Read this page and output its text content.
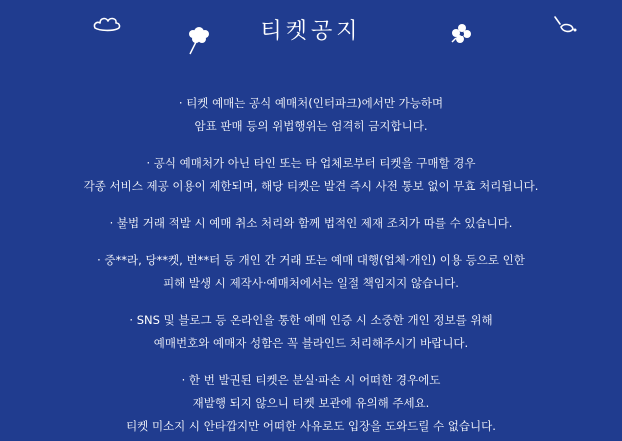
티켓공지
· 티켓 예매는 공식 예매처(인터파크)에서만 가능하며
암표 판매 등의 위법행위는 엄격히 금지합니다.
· 공식 예매처가 아닌 타인 또는 타 업체로부터 티켓을 구매할 경우
각종 서비스 제공 이용이 제한되며, 해당 티켓은 발견 즉시 사전 통보 없이 무효 처리됩니다.
· 불법 거래 적발 시 예매 취소 처리와 함께 법적인 제재 조치가 따를 수 있습니다.
· 중**라, 당**켓, 번**터 등 개인 간 거래 또는 예매 대행(업체·개인) 이용 등으로 인한
피해 발생 시 제작사·예매처에서는 일절 책임지지 않습니다.
· SNS 및 블로그 등 온라인을 통한 예매 인증 시 소중한 개인 정보를 위해
예매번호와 예매자 성함은 꼭 블라인드 처리해주시기 바랍니다.
· 한 번 발권된 티켓은 분실·파손 시 어떠한 경우에도
재발행 되지 않으니 티켓 보관에 유의해 주세요.
티켓 미소지 시 안타깝지만 어떠한 사유로도 입장을 도와드릴 수 없습니다.
